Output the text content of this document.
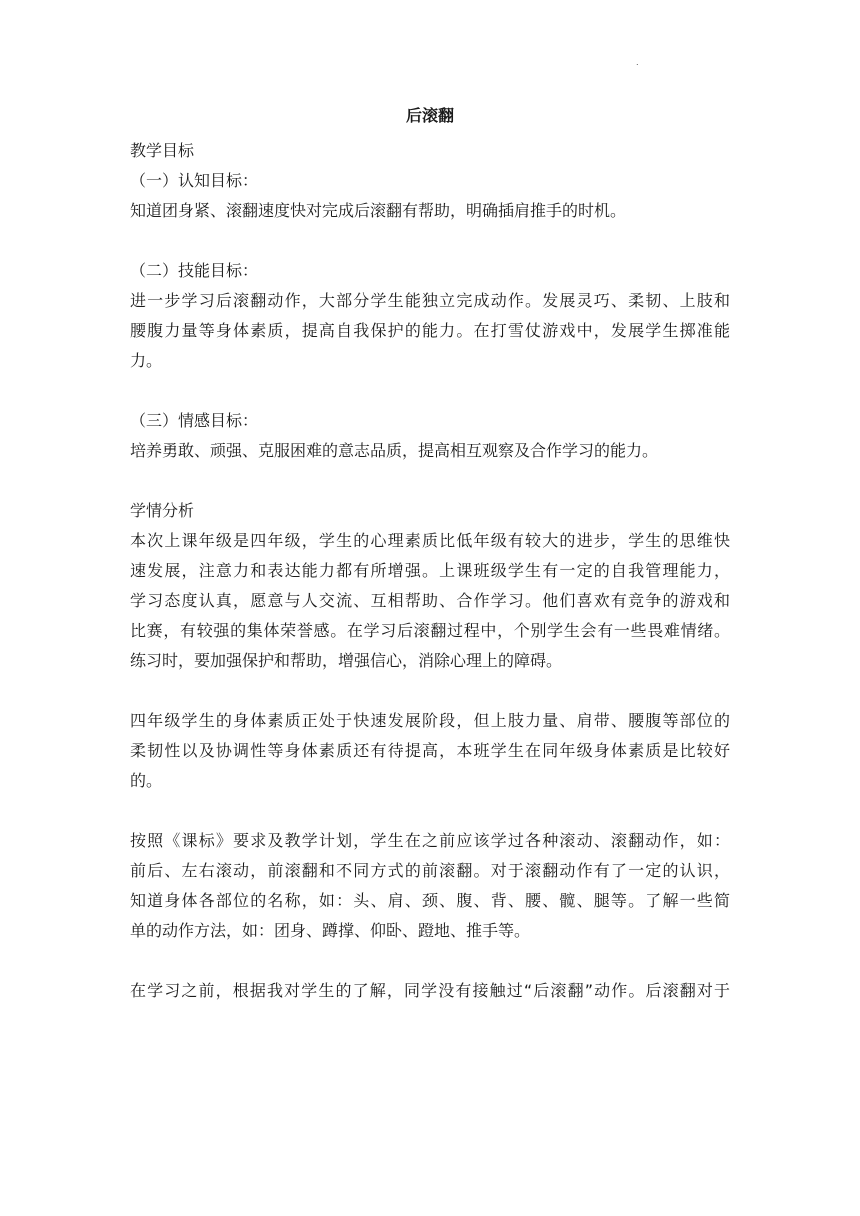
.
后滚翻
教学目标
（一）认知目标：
知道团身紧、滚翻速度快对完成后滚翻有帮助，明确插肩推手的时机。
（二）技能目标：
进一步学习后滚翻动作，大部分学生能独立完成动作。发展灵巧、柔韧、上肢和
腰腹力量等身体素质，提高自我保护的能力。在打雪仗游戏中，发展学生掷准能
力。
（三）情感目标：
培养勇敢、顽强、克服困难的意志品质，提高相互观察及合作学习的能力。
学情分析
本次上课年级是四年级，学生的心理素质比低年级有较大的进步，学生的思维快
速发展，注意力和表达能力都有所增强。上课班级学生有一定的自我管理能力，
学习态度认真，愿意与人交流、互相帮助、合作学习。他们喜欢有竞争的游戏和
比赛，有较强的集体荣誉感。在学习后滚翻过程中，个别学生会有一些畏难情绪。
练习时，要加强保护和帮助，增强信心，消除心理上的障碍。
四年级学生的身体素质正处于快速发展阶段，但上肢力量、肩带、腰腹等部位的
柔韧性以及协调性等身体素质还有待提高，本班学生在同年级身体素质是比较好
的。
按照《课标》要求及教学计划，学生在之前应该学过各种滚动、滚翻动作，如：
前后、左右滚动，前滚翻和不同方式的前滚翻。对于滚翻动作有了一定的认识，
知道身体各部位的名称，如：头、肩、颈、腹、背、腰、髋、腿等。了解一些简
单的动作方法，如：团身、蹲撑、仰卧、蹬地、推手等。
在学习之前，根据我对学生的了解，同学没有接触过“后滚翻”动作。后滚翻对于
